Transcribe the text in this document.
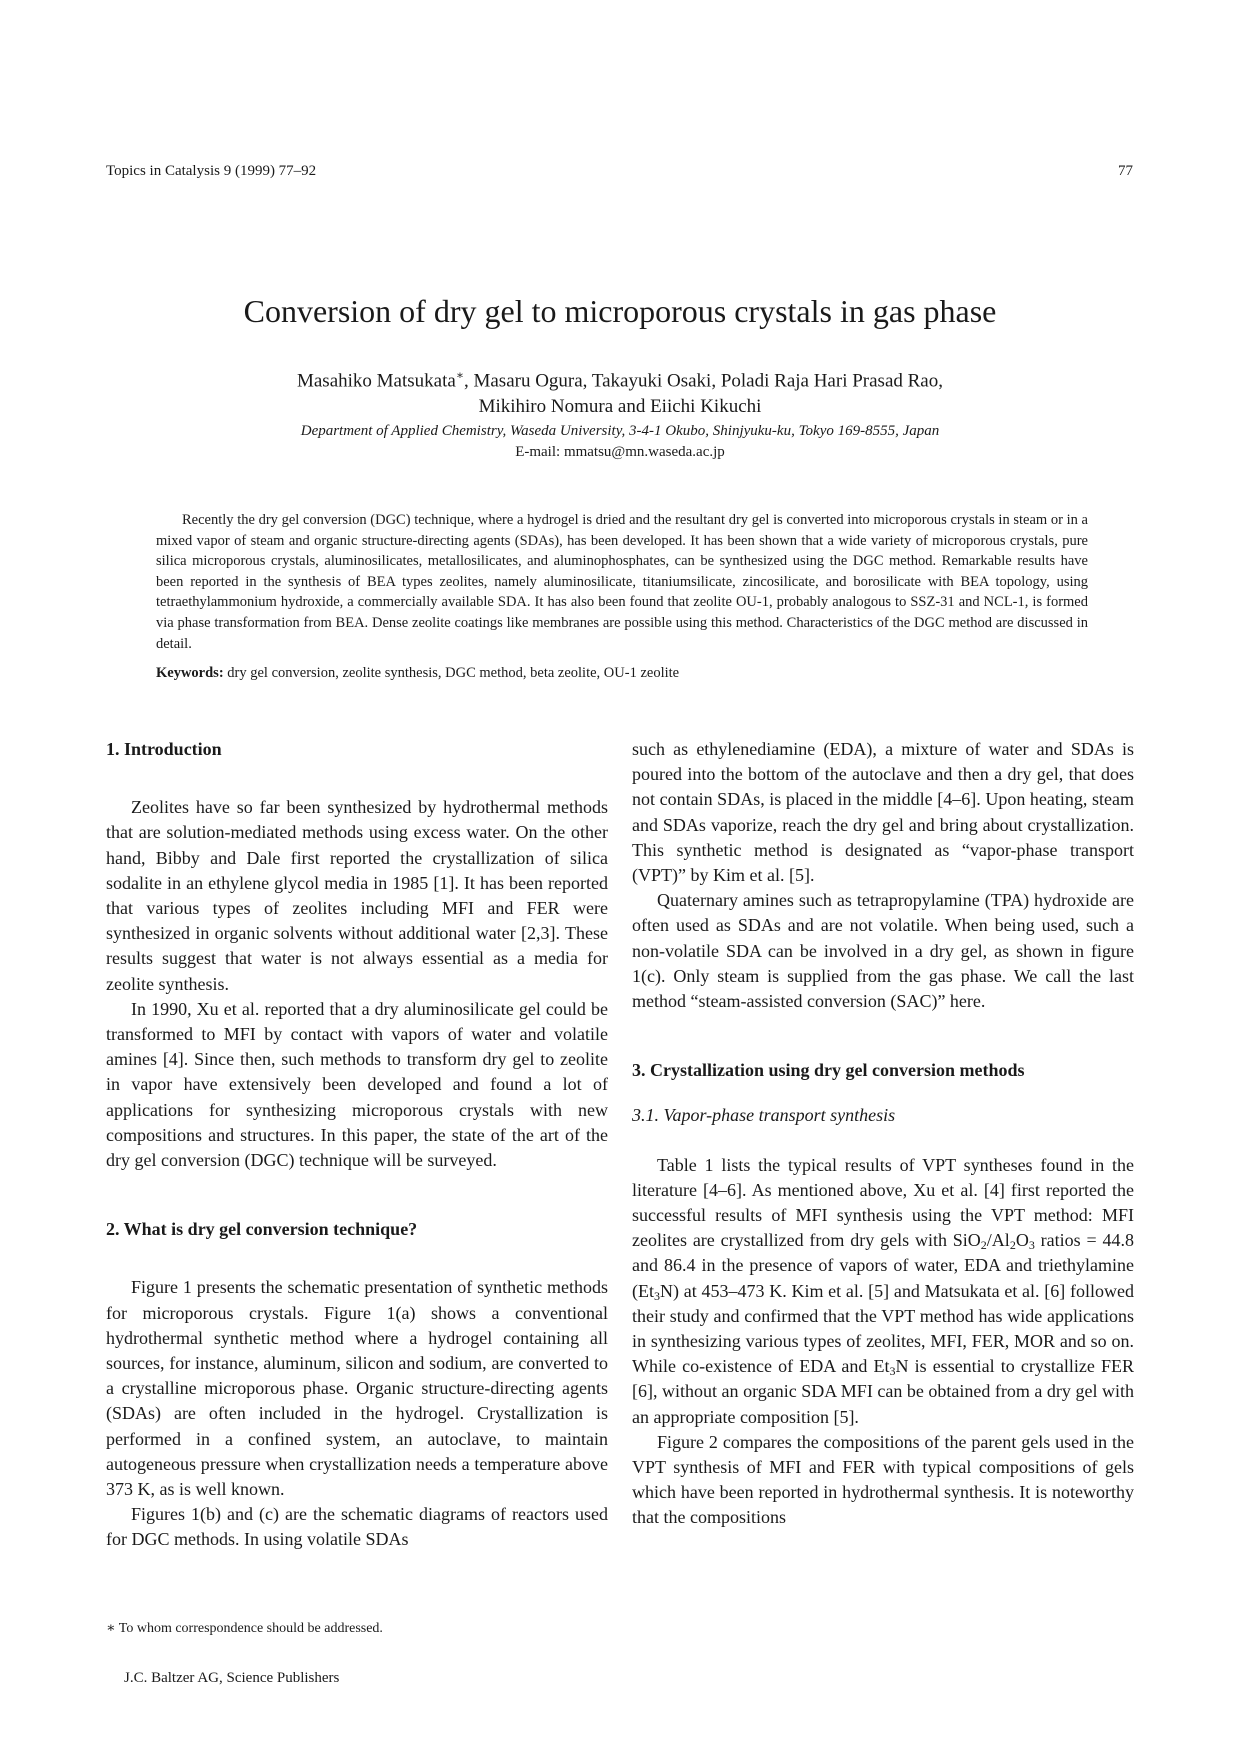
Topics in Catalysis 9 (1999) 77–92	77
Conversion of dry gel to microporous crystals in gas phase
Masahiko Matsukata∗, Masaru Ogura, Takayuki Osaki, Poladi Raja Hari Prasad Rao,
Mikihiro Nomura and Eiichi Kikuchi
Department of Applied Chemistry, Waseda University, 3-4-1 Okubo, Shinjyuku-ku, Tokyo 169-8555, Japan
E-mail: mmatsu@mn.waseda.ac.jp

Recently the dry gel conversion (DGC) technique, where a hydrogel is dried and the resultant dry gel is converted into microporous crystals in steam or in a mixed vapor of steam and organic structure-directing agents (SDAs), has been developed. It has been shown that a wide variety of microporous crystals, pure silica microporous crystals, aluminosilicates, metallosilicates, and aluminophosphates, can be synthesized using the DGC method. Remarkable results have been reported in the synthesis of BEA types zeolites, namely aluminosilicate, titaniumsilicate, zincosilicate, and borosilicate with BEA topology, using tetraethylammonium hydroxide, a commercially available SDA. It has also been found that zeolite OU-1, probably analogous to SSZ-31 and NCL-1, is formed via phase transformation from BEA. Dense zeolite coatings like membranes are possible using this method. Characteristics of the DGC method are discussed in detail.

Keywords: dry gel conversion, zeolite synthesis, DGC method, beta zeolite, OU-1 zeolite
1. Introduction

Zeolites have so far been synthesized by hydrothermal methods that are solution-mediated methods using excess water. On the other hand, Bibby and Dale first reported the crystallization of silica sodalite in an ethylene glycol media in 1985 [1]. It has been reported that various types of zeolites including MFI and FER were synthesized in organic solvents without additional water [2,3]. These results suggest that water is not always essential as a media for zeolite synthesis.

In 1990, Xu et al. reported that a dry aluminosilicate gel could be transformed to MFI by contact with vapors of water and volatile amines [4]. Since then, such methods to transform dry gel to zeolite in vapor have extensively been developed and found a lot of applications for synthesizing microporous crystals with new compositions and structures. In this paper, the state of the art of the dry gel conversion (DGC) technique will be surveyed.

2. What is dry gel conversion technique?

Figure 1 presents the schematic presentation of synthetic methods for microporous crystals. Figure 1(a) shows a conventional hydrothermal synthetic method where a hydrogel containing all sources, for instance, aluminum, silicon and sodium, are converted to a crystalline microporous phase. Organic structure-directing agents (SDAs) are often included in the hydrogel. Crystallization is performed in a confined system, an autoclave, to maintain autogeneous pressure when crystallization needs a temperature above 373 K, as is well known.

Figures 1(b) and (c) are the schematic diagrams of reactors used for DGC methods. In using volatile SDAs

∗ To whom correspondence should be addressed.
J.C. Baltzer AG, Science Publishers

such as ethylenediamine (EDA), a mixture of water and SDAs is poured into the bottom of the autoclave and then a dry gel, that does not contain SDAs, is placed in the middle [4–6]. Upon heating, steam and SDAs vaporize, reach the dry gel and bring about crystallization. This synthetic method is designated as “vapor-phase transport (VPT)” by Kim et al. [5].

Quaternary amines such as tetrapropylamine (TPA) hydroxide are often used as SDAs and are not volatile. When being used, such a non-volatile SDA can be involved in a dry gel, as shown in figure 1(c). Only steam is supplied from the gas phase. We call the last method “steam-assisted conversion (SAC)” here.

3. Crystallization using dry gel conversion methods
3.1. Vapor-phase transport synthesis

Table 1 lists the typical results of VPT syntheses found in the literature [4–6]. As mentioned above, Xu et al. [4] first reported the successful results of MFI synthesis using the VPT method: MFI zeolites are crystallized from dry gels with $SiO_2/Al_2O_3$ ratios = 44.8 and 86.4 in the presence of vapors of water, EDA and triethylamine $(Et_3N)$ at 453–473 K. Kim et al. [5] and Matsukata et al. [6] followed their study and confirmed that the VPT method has wide applications in synthesizing various types of zeolites, MFI, FER, MOR and so on. While co-existence of EDA and $Et_3N$ is essential to crystallize FER [6], without an organic SDA MFI can be obtained from a dry gel with an appropriate composition [5].

Figure 2 compares the compositions of the parent gels used in the VPT synthesis of MFI and FER with typical compositions of gels which have been reported in hydrothermal synthesis. It is noteworthy that the compositions
